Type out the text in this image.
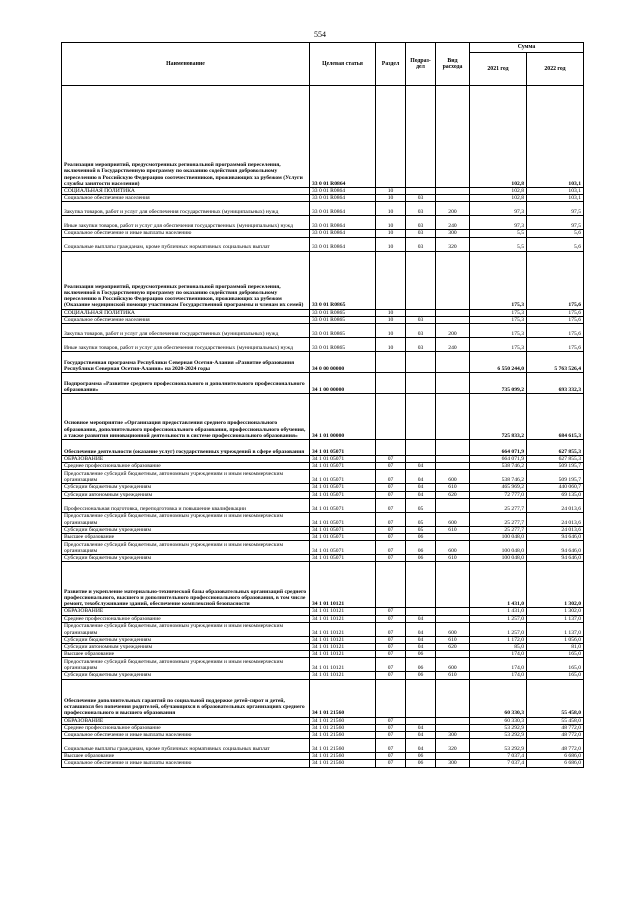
554
Наименование	Целевая статья	Раздел	Подраз-дел	Вид расхода	Сумма	
					2021 год	2022 год
Реализация мероприятий, предусмотренных региональной программой переселения, включенной в Государственную программу по оказанию содействия добровольному переселению в Российскую Федерацию соотечественников, проживающих за рубежом (Услуги службы занятости населения)	33 0 01 R0864				102,8	103,1
СОЦИАЛЬНАЯ ПОЛИТИКА	33 0 01 R0864	10			102,8	103,1
Социальное обеспечение населения	33 0 01 R0864	10	03		102,8	103,1
Закупка товаров, работ и услуг для обеспечения государственных (муниципальных) нужд	33 0 01 R0864	10	03	200	97,3	97,5
Иные закупки товаров, работ и услуг для обеспечения государственных (муниципальных) нужд	33 0 01 R0864	10	03	240	97,3	97,5
Социальное обеспечение и иные выплаты населению	33 0 01 R0864	10	03	300	5,5	5,6
Социальные выплаты гражданам, кроме публичных нормативных социальных выплат	33 0 01 R0864	10	03	320	5,5	5,6
Реализация мероприятий, предусмотренных региональной программой переселения, включенной в Государственную программу по оказанию содействия добровольному переселению в Российскую Федерацию соотечественников, проживающих за рубежом (Оказание медицинской помощи участникам Государственной программы и членам их семей)	33 0 01 R0865				175,3	175,6
СОЦИАЛЬНАЯ ПОЛИТИКА	33 0 01 R0865	10			175,3	175,6
Социальное обеспечение населения	33 0 01 R0865	10	03		175,3	175,6
Закупка товаров, работ и услуг для обеспечения государственных (муниципальных) нужд	33 0 01 R0865	10	03	200	175,3	175,6
Иные закупки товаров, работ и услуг для обеспечения государственных (муниципальных) нужд	33 0 01 R0865	10	03	240	175,3	175,6
Государственная программа Республики Северная Осетия-Алания «Развитие образования Республики Северная Осетия-Алания» на 2020-2024 годы	34 0 00 00000				6 550 244,0	5 763 526,4
Подпрограмма «Развитие среднего профессионального и дополнительного профессионального образования»	34 1 00 00000				735 099,2	693 332,3
Основное мероприятие «Организация предоставления среднего профессионального образования, дополнительного профессионального образования, профессионального обучения, а также развития инновационной деятельности в системе профессионального образования»	34 1 01 00000				725 833,2	684 615,3
Обеспечение деятельности (оказание услуг) государственных учреждений в сфере образования	34 1 01 05071				664 071,9	627 855,3
ОБРАЗОВАНИЕ	34 1 01 05071	07			664 071,9	627 855,3
Среднее профессиональное образование	34 1 01 05071	07	04		538 746,2	509 195,7
Предоставление субсидий бюджетным, автономным учреждениям и иным некоммерческим организациям	34 1 01 05071	07	04	600	538 746,2	509 195,7
Субсидии бюджетным учреждениям	34 1 01 05071	07	04	610	465 969,2	440 060,7
Субсидии автономным учреждениям	34 1 01 05071	07	04	620	72 777,0	69 135,0
Профессиональная подготовка, переподготовка и повышение квалификации	34 1 01 05071	07	05		25 277,7	24 013,6
Предоставление субсидий бюджетным, автономным учреждениям и иным некоммерческим организациям	34 1 01 05071	07	05	600	25 277,7	24 013,6
Субсидии бюджетным учреждениям	34 1 01 05071	07	05	610	25 277,7	24 013,6
Высшее образование	34 1 01 05071	07	06		100 048,0	94 646,0
Предоставление субсидий бюджетным, автономным учреждениям и иным некоммерческим организациям	34 1 01 05071	07	06	600	100 048,0	94 646,0
Субсидии бюджетным учреждениям	34 1 01 05071	07	06	610	100 048,0	94 646,0
Развитие и укрепление материально-технической базы образовательных организаций среднего профессионального, высшего и дополнительного профессионального образования, в том числе ремонт, техобслуживание зданий, обеспечение комплексной безопасности	34 1 01 10121				1 431,0	1 302,0
ОБРАЗОВАНИЕ	34 1 01 10121	07			1 431,0	1 302,0
Среднее профессиональное образование	34 1 01 10121	07	04		1 257,0	1 137,0
Предоставление субсидий бюджетным, автономным учреждениям и иным некоммерческим организациям	34 1 01 10121	07	04	600	1 257,0	1 137,0
Субсидии бюджетным учреждениям	34 1 01 10121	07	04	610	1 172,0	1 056,0
Субсидии автономным учреждениям	34 1 01 10121	07	04	620	85,0	81,0
Высшее образование	34 1 01 10121	07	06		174,0	165,0
Предоставление субсидий бюджетным, автономным учреждениям и иным некоммерческим организациям	34 1 01 10121	07	06	600	174,0	165,0
Субсидии бюджетным учреждениям	34 1 01 10121	07	06	610	174,0	165,0
Обеспечение дополнительных гарантий по социальной поддержке детей-сирот и детей, оставшихся без попечения родителей, обучающихся в образовательных организациях среднего профессионального и высшего образования	34 1 01 21560				60 330,3	55 458,0
ОБРАЗОВАНИЕ	34 1 01 21560	07			60 330,3	55 458,0
Среднее профессиональное образование	34 1 01 21560	07	04		53 292,9	48 772,0
Социальное обеспечение и иные выплаты населению	34 1 01 21560	07	04	300	53 292,9	48 772,0
Социальные выплаты гражданам, кроме публичных нормативных социальных выплат	34 1 01 21560	07	04	320	53 292,9	48 772,0
Высшее образование	34 1 01 21560	07	06		7 037,4	6 686,0
Социальное обеспечение и иные выплаты населению	34 1 01 21560	07	06	300	7 037,4	6 686,0
